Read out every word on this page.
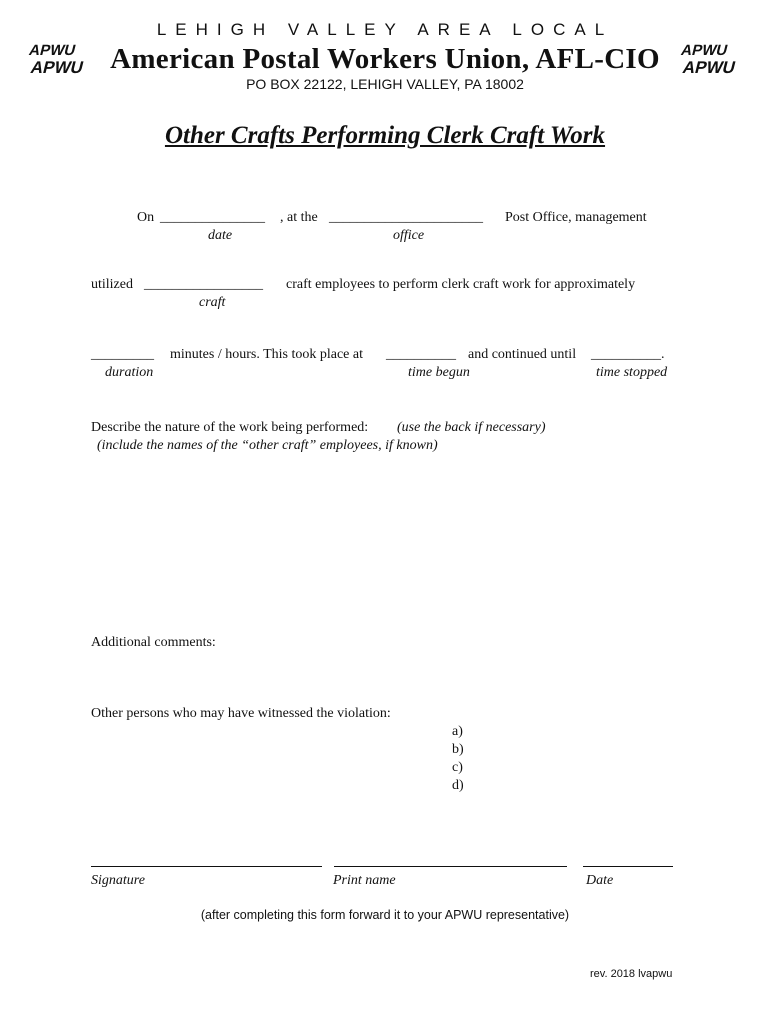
LEHIGH VALLEY AREA LOCAL
APWU
APWU American Postal Workers Union, AFL-CIO	APWU
APWU
PO BOX 22122, LEHIGH VALLEY, PA 18002
Other Crafts Performing Clerk Craft Work
On _______________ , at the ______________________ Post Office, management
date	office
utilized _________________ craft employees to perform clerk craft work for approximately
craft
_________ minutes / hours. This took place at __________ and continued until __________.
duration	time begun	time stopped
Describe the nature of the work being performed: (use the back if necessary)
(include the names of the “other craft” employees, if known)
Additional comments:
Other persons who may have witnessed the violation:
a)
b)
c)
d)
Signature	Print name	Date
(after completing this form forward it to your APWU representative)
rev. 2018 lvapwu
